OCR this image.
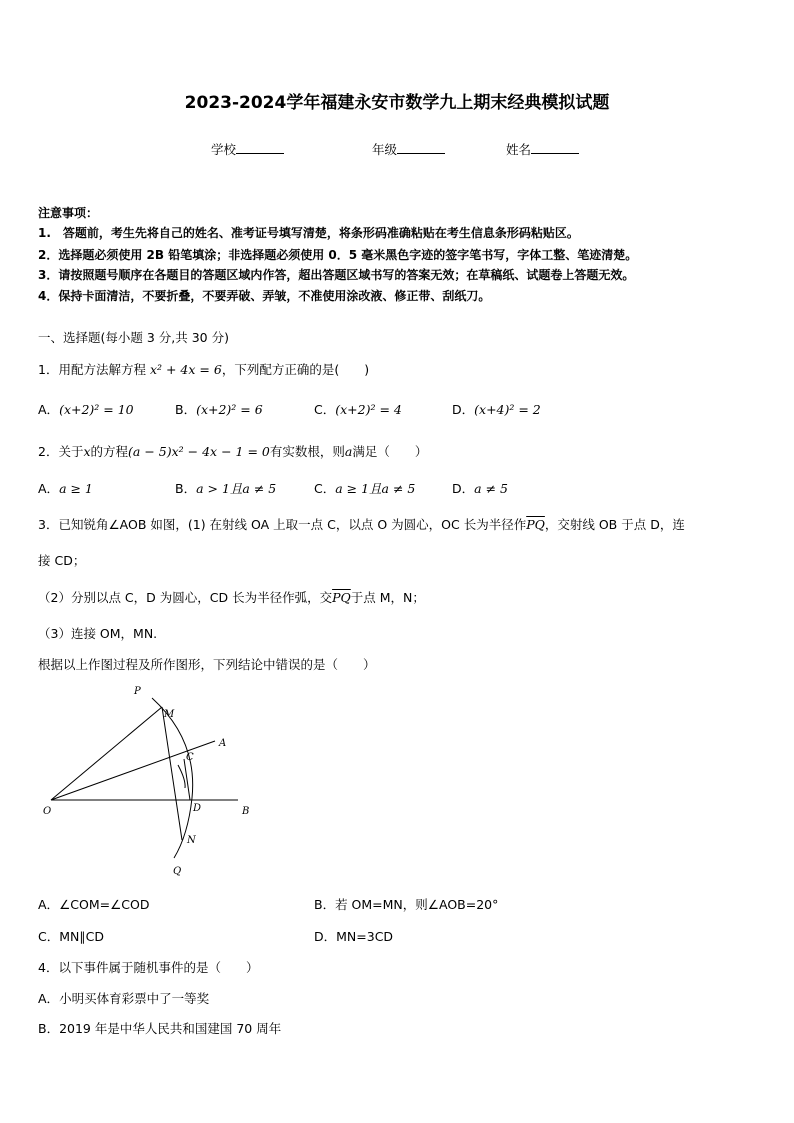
2023-2024学年福建永安市数学九上期末经典模拟试题
学校	年级	姓名
注意事项：
1.　答题前，考生先将自己的姓名、准考证号填写清楚，将条形码准确粘贴在考生信息条形码粘贴区。
2．选择题必须使用 2B 铅笔填涂；非选择题必须使用 0．5 毫米黑色字迹的签字笔书写，字体工整、笔迹清楚。
3．请按照题号顺序在各题目的答题区域内作答，超出答题区域书写的答案无效；在草稿纸、试题卷上答题无效。
4．保持卡面清洁，不要折叠，不要弄破、弄皱，不准使用涂改液、修正带、刮纸刀。
一、选择题(每小题 3 分,共 30 分)
1．用配方法解方程 x² + 4x = 6，下列配方正确的是(　　)
A．(x+2)² = 10	B．(x+2)² = 6	C．(x+2)² = 4	D．(x+4)² = 2
2．关于x的方程(a − 5)x² − 4x − 1 = 0有实数根，则a满足（　　）
A．a ≥ 1	B．a > 1且a ≠ 5	C．a ≥ 1且a ≠ 5	D．a ≠ 5
3．已知锐角∠AOB 如图，(1) 在射线 OA 上取一点 C，以点 O 为圆心，OC 长为半径作$\overline{PQ}$，交射线 OB 于点 D，连
接 CD；
（2）分别以点 C，D 为圆心，CD 长为半径作弧，交$\overline{PQ}$于点 M，N；
（3）连接 OM，MN.
根据以上作图过程及所作图形，下列结论中错误的是（　　）
P
M
A
C
O	D	B
N
Q
A．∠COM=∠COD	B．若 OM=MN，则∠AOB=20°
C．MN∥CD	D．MN=3CD
4．以下事件属于随机事件的是（　　）
A．小明买体育彩票中了一等奖
B．2019 年是中华人民共和国建国 70 周年
